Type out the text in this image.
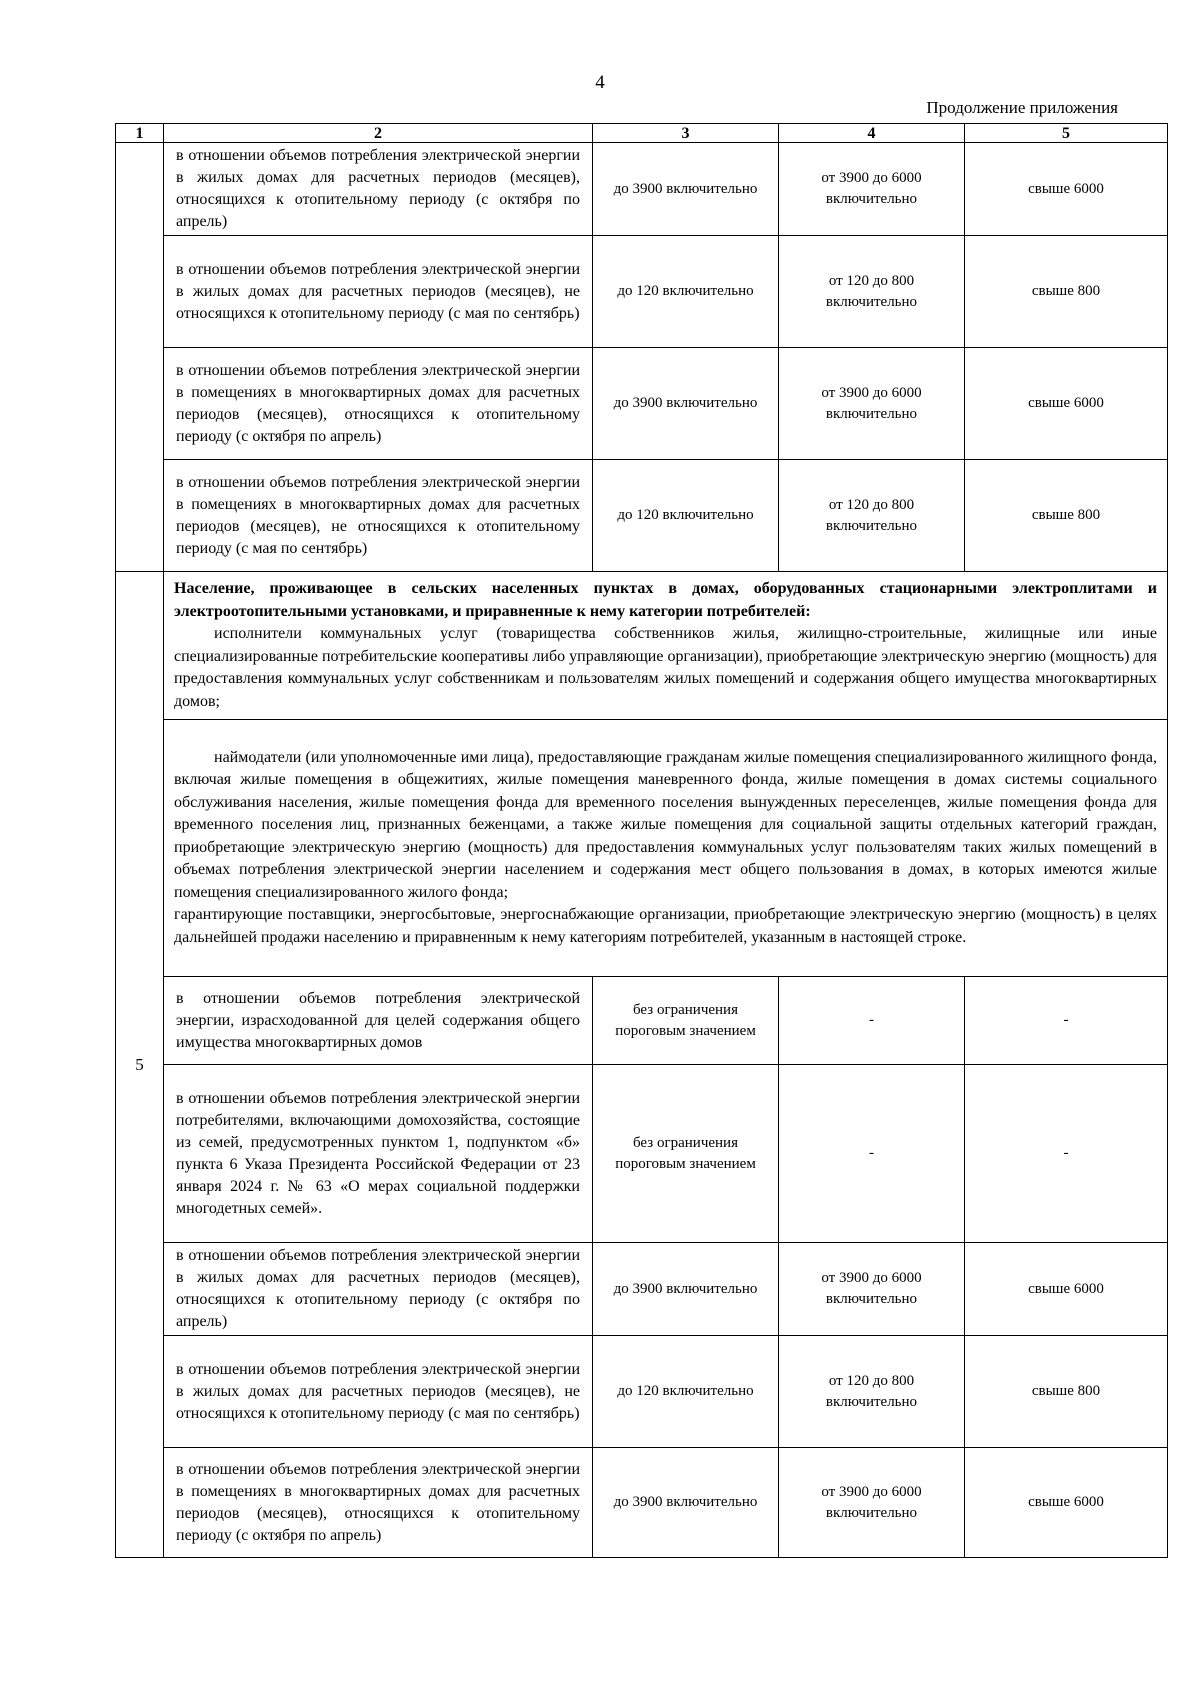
4
Продолжение приложения
1	2	3	4	5
	в отношении объемов потребления электрической энергии в жилых домах для расчетных периодов (месяцев), относящихся к отопительному периоду (с октября по апрель)	до 3900 включительно	от 3900 до 6000 включительно	свыше 6000
	в отношении объемов потребления электрической энергии в жилых домах для расчетных периодов (месяцев), не относящихся к отопительному периоду (с мая по сентябрь)	до 120 включительно	от 120 до 800 включительно	свыше 800
	в отношении объемов потребления электрической энергии в помещениях в многоквартирных домах для расчетных периодов (месяцев), относящихся к отопительному периоду (с октября по апрель)	до 3900 включительно	от 3900 до 6000 включительно	свыше 6000
	в отношении объемов потребления электрической энергии в помещениях в многоквартирных домах для расчетных периодов (месяцев), не относящихся к отопительному периоду (с мая по сентябрь)	до 120 включительно	от 120 до 800 включительно	свыше 800
5	Население, проживающее в сельских населенных пунктах в домах, оборудованных стационарными электроплитами и электроотопительными установками, и приравненные к нему категории потребителей:

исполнители коммунальных услуг (товарищества собственников жилья, жилищно-строительные, жилищные или иные специализированные потребительские кооперативы либо управляющие организации), приобретающие электрическую энергию (мощность) для предоставления коммунальных услуг собственникам и пользователям жилых помещений и содержания общего имущества многоквартирных домов;			

	наймодатели (или уполномоченные ими лица), предоставляющие гражданам жилые помещения специализированного жилищного фонда, включая жилые помещения в общежитиях, жилые помещения маневренного фонда, жилые помещения в домах системы социального обслуживания населения, жилые помещения фонда для временного поселения вынужденных переселенцев, жилые помещения фонда для временного поселения лиц, признанных беженцами, а также жилые помещения для социальной защиты отдельных категорий граждан, приобретающие электрическую энергию (мощность) для предоставления коммунальных услуг пользователям таких жилых помещений в объемах потребления электрической энергии населением и содержания мест общего пользования в домах, в которых имеются жилые помещения специализированного жилого фонда;

гарантирующие поставщики, энергосбытовые, энергоснабжающие организации, приобретающие электрическую энергию (мощность) в целях дальнейшей продажи населению и приравненным к нему категориям потребителей, указанным в настоящей строке.			

	в отношении объемов потребления электрической энергии, израсходованной для целей содержания общего имущества многоквартирных домов	без ограничения пороговым значением	-	-
	в отношении объемов потребления электрической энергии потребителями, включающими домохозяйства, состоящие из семей, предусмотренных пунктом 1, подпунктом «б» пункта 6 Указа Президента Российской Федерации от 23 января 2024 г. № 63 «О мерах социальной поддержки многодетных семей».	без ограничения пороговым значением	-	-
	в отношении объемов потребления электрической энергии в жилых домах для расчетных периодов (месяцев), относящихся к отопительному периоду (с октября по апрель)	до 3900 включительно	от 3900 до 6000 включительно	свыше 6000
	в отношении объемов потребления электрической энергии в жилых домах для расчетных периодов (месяцев), не относящихся к отопительному периоду (с мая по сентябрь)	до 120 включительно	от 120 до 800 включительно	свыше 800
	в отношении объемов потребления электрической энергии в помещениях в многоквартирных домах для расчетных периодов (месяцев), относящихся к отопительному периоду (с октября по апрель)	до 3900 включительно	от 3900 до 6000 включительно	свыше 6000
